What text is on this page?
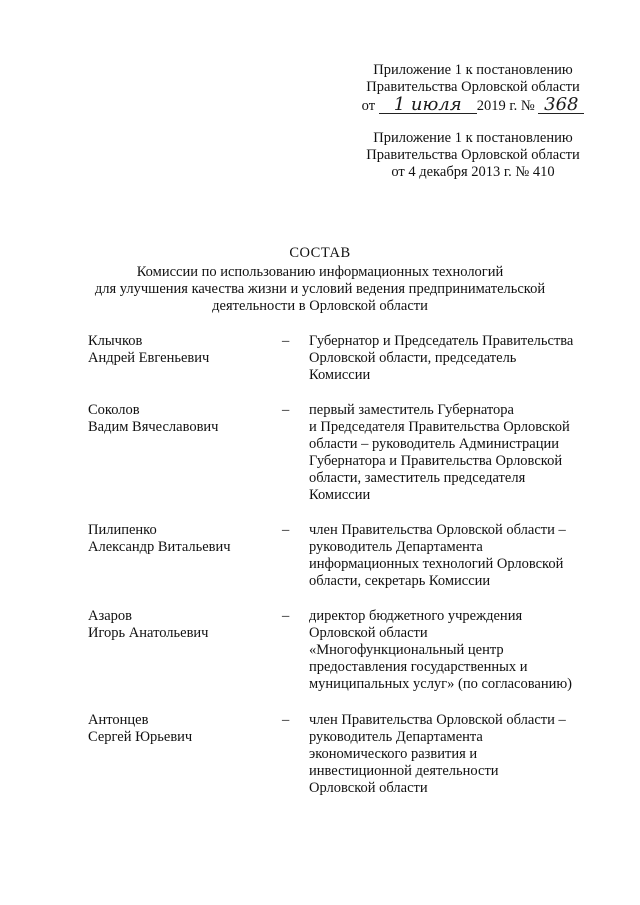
Приложение 1 к постановлению
Правительства Орловской области
от 1 июля 2019 г. № 368
Приложение 1 к постановлению
Правительства Орловской области
от 4 декабря 2013 г. № 410
СОСТАВ
Комиссии по использованию информационных технологий
для улучшения качества жизни и условий ведения предпринимательской
деятельности в Орловской области
Клычков
Андрей Евгеньевич
– Губернатор и Председатель Правительства
Орловской области, председатель
Комиссии
Соколов
Вадим Вячеславович
– первый заместитель Губернатора
и Председателя Правительства Орловской
области – руководитель Администрации
Губернатора и Правительства Орловской
области, заместитель председателя
Комиссии
Пилипенко
Александр Витальевич
– член Правительства Орловской области –
руководитель Департамента
информационных технологий Орловской
области, секретарь Комиссии
Азаров
Игорь Анатольевич
– директор бюджетного учреждения
Орловской области
«Многофункциональный центр
предоставления государственных и
муниципальных услуг» (по согласованию)
Антонцев
Сергей Юрьевич
– член Правительства Орловской области –
руководитель Департамента
экономического развития и
инвестиционной деятельности
Орловской области
